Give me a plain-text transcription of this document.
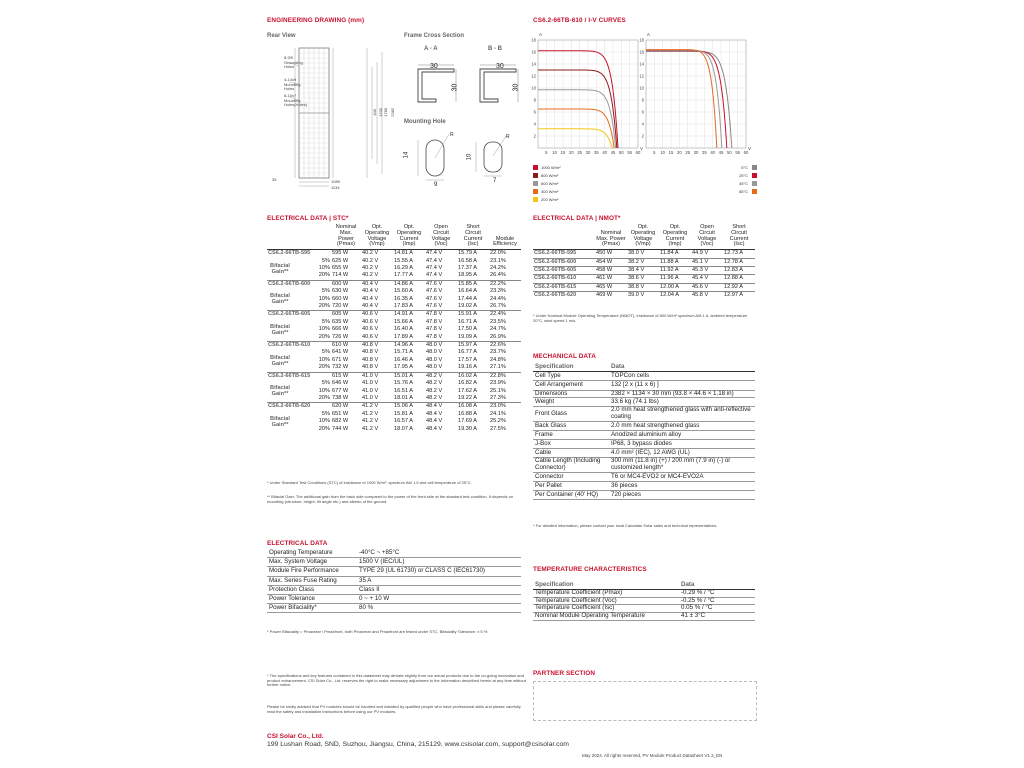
ENGINEERING DRAWING (mm)
Rear View	Frame Cross Section
A - A	B - B
Mounting Hole
8-Φ5 Grounding Holes
4-14x9 Mounting Holes
8-10x7 Mounting Holes(Holes)
1089
1134
35
400 1500 1780 2382
30
30
30
30
14	10
9
7
R	R
CS6.2-66TB-610 / I-V CURVES
18
16
14
12
10
8
6
4
2
5 10 15 20 25 30 35 40 45 50 55 60
A
V
18
16
14
12
10
8
6
4
2
5 10 15 20 25 30 35 40 45 50 55 60
A
V
1000 W/m²
800 W/m²
600 W/m²
400 W/m²
200 W/m²
5°C
25°C
45°C
65°C
ELECTRICAL DATA | STC*
		Nominal Max. Power (Pmax)	Opt. Operating Voltage (Vmp)	Opt. Operating Current (Imp)	Open Circuit Voltage (Voc)	Short Circuit Current (Isc)	Module Efficiency
CS6.2-66TB-595		595 W	40.2 V	14.81 A	47.4 V	15.79 A	22.0%
Bifacial Gain**	5%	625 W	40.2 V	15.55 A	47.4 V	16.58 A	23.1%
	10%	655 W	40.2 V	16.29 A	47.4 V	17.37 A	24.2%
	20%	714 W	40.2 V	17.77 A	47.4 V	18.95 A	26.4%
CS6.2-66TB-600		600 W	40.4 V	14.86 A	47.6 V	15.85 A	22.2%
Bifacial Gain**	5%	630 W	40.4 V	15.60 A	47.6 V	16.64 A	23.3%
	10%	660 W	40.4 V	16.35 A	47.6 V	17.44 A	24.4%
	20%	720 W	40.4 V	17.83 A	47.6 V	19.02 A	26.7%
CS6.2-66TB-605		605 W	40.6 V	14.91 A	47.8 V	15.91 A	22.4%
Bifacial Gain**	5%	635 W	40.6 V	15.66 A	47.8 V	16.71 A	23.5%
	10%	666 W	40.6 V	16.40 A	47.8 V	17.50 A	24.7%
	20%	726 W	40.6 V	17.89 A	47.8 V	19.09 A	26.9%
CS6.2-66TB-610		610 W	40.8 V	14.96 A	48.0 V	15.97 A	22.6%
Bifacial Gain**	5%	641 W	40.8 V	15.71 A	48.0 V	16.77 A	23.7%
	10%	671 W	40.8 V	16.46 A	48.0 V	17.57 A	24.8%
	20%	732 W	40.8 V	17.95 A	48.0 V	19.16 A	27.1%
CS6.2-66TB-615		615 W	41.0 V	15.01 A	48.2 V	16.02 A	22.8%
Bifacial Gain**	5%	646 W	41.0 V	15.76 A	48.2 V	16.82 A	23.9%
	10%	677 W	41.0 V	16.51 A	48.2 V	17.62 A	25.1%
	20%	738 W	41.0 V	18.01 A	48.2 V	19.22 A	27.3%
CS6.2-66TB-620		620 W	41.2 V	15.06 A	48.4 V	16.08 A	23.0%
Bifacial Gain**	5%	651 W	41.2 V	15.81 A	48.4 V	16.88 A	24.1%
	10%	682 W	41.2 V	16.57 A	48.4 V	17.69 A	25.2%
	20%	744 W	41.2 V	18.07 A	48.4 V	19.30 A	27.5%
* Under Standard Test Conditions (STC) of irradiance of 1000 W/m², spectrum AM 1.5 and cell temperature of 25°C.
** Bifacial Gain: The additional gain from the back side compared to the power of the front side at the standard test condition. It depends on mounting (structure, height, tilt angle etc.) and albedo of the ground.
ELECTRICAL DATA | NMOT*
	Nominal Max. Power (Pmax)	Opt. Operating Voltage (Vmp)	Opt. Operating Current (Imp)	Open Circuit Voltage (Voc)	Short Circuit Current (Isc)
CS6.2-66TB-595	450 W	38.0 V	11.84 A	44.9 V	12.73 A
CS6.2-66TB-600	454 W	38.2 V	11.88 A	45.1 V	12.78 A
CS6.2-66TB-605	458 W	38.4 V	11.92 A	45.3 V	12.83 A
CS6.2-66TB-610	461 W	38.6 V	11.96 A	45.4 V	12.88 A
CS6.2-66TB-615	465 W	38.8 V	12.00 A	45.6 V	12.92 A
CS6.2-66TB-620	469 W	39.0 V	12.04 A	45.8 V	12.97 A
* Under Nominal Module Operating Temperature (NMOT), irradiance of 800 W/m² spectrum AM 1.5, ambient temperature 20°C, wind speed 1 m/s.
MECHANICAL DATA
Specification	Data
Cell Type	TOPCon cells
Cell Arrangement	132 [2 x (11 x 6) ]
Dimensions	2382 × 1134 × 30 mm (93.8 × 44.6 × 1.18 in)
Weight	33.6 kg (74.1 lbs)
Front Glass	2.0 mm heat strengthened glass with anti-reflective coating
Back Glass	2.0 mm heat strengthened glass
Frame	Anodized aluminium alloy
J-Box	IP68, 3 bypass diodes
Cable	4.0 mm² (IEC), 12 AWG (UL)
Cable Length (Including Connector)	300 mm (11.8 in) (+) / 200 mm (7.9 in) (-) or customized length*
Connector	T6 or MC4-EVO2 or MC4-EVO2A
Per Pallet	36 pieces
Per Container (40' HQ)	720 pieces
* For detailed information, please contact your local Canadian Solar sales and technical representatives.
ELECTRICAL DATA
Operating Temperature	-40°C ~ +85°C
Max. System Voltage	1500 V (IEC/UL)
Module Fire Performance	TYPE 29 (UL 61730) or CLASS C (IEC61730)
Max. Series Fuse Rating	35 A
Protection Class	Class II
Power Tolerance	0 ~ + 10 W
Power Bifaciality*	80 %
* Power Bifaciality = Pmaxrear / Pmaxfront, both Pmaxrear and Pmaxfront are tested under STC, Bifaciality Tolerance: ± 5 %
TEMPERATURE CHARACTERISTICS
Specification	Data
Temperature Coefficient (Pmax)	-0.29 % / °C
Temperature Coefficient (Voc)	-0.25 % / °C
Temperature Coefficient (Isc)	0.05 % / °C
Nominal Module Operating Temperature	41 ± 3°C
PARTNER SECTION
* The specifications and key features contained in this datasheet may deviate slightly from our actual products due to the on-going innovation and product enhancement. CSI Solar Co., Ltd. reserves the right to make necessary adjustment to the information described herein at any time without further notice.
Please be kindly advised that PV modules should be handled and installed by qualified people who have professional skills and please carefully read the safety and installation instructions before using our PV modules.
CSI Solar Co., Ltd.
199 Lushan Road, SND, Suzhou, Jiangsu, China, 215129, www.csisolar.com, support@csisolar.com
May 2024. All rights reserved, PV Module Product Datasheet V1.2_EN
